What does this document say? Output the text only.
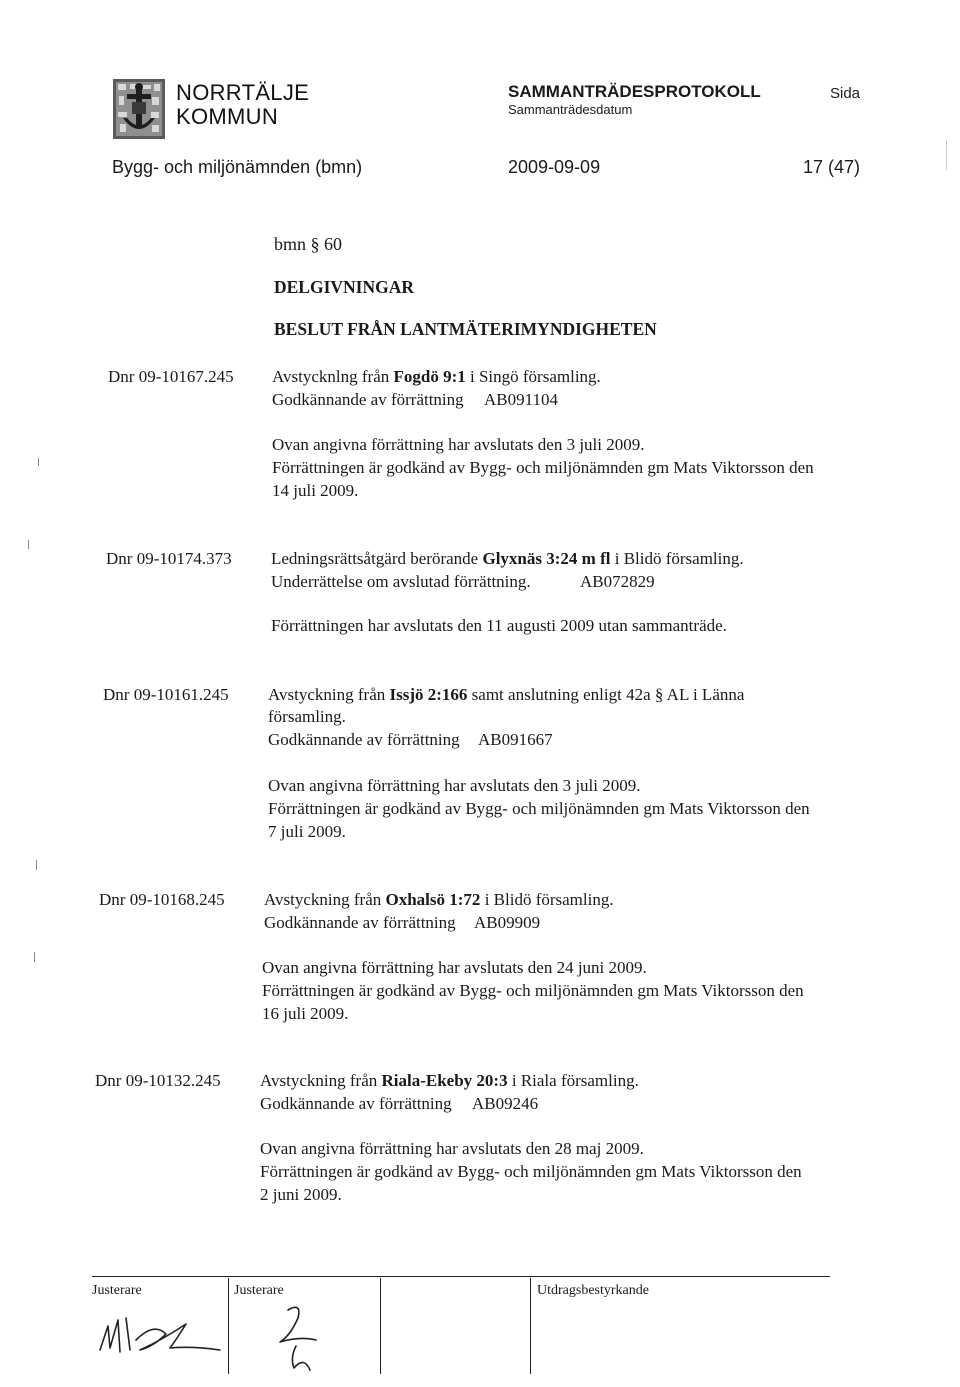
NORRTÄLJE
KOMMUN
SAMMANTRÄDESPROTOKOLL
Sammanträdesdatum
Sida
Bygg- och miljönämnden (bmn)	2009-09-09	17 (47)
bmn § 60
DELGIVNINGAR
BESLUT FRÅN LANTMÄTERIMYNDIGHETEN
Dnr 09-10167.245 Avstycknlng från Fogdö 9:1 i Singö församling.
Godkännande av förrättning AB091104
Ovan angivna förrättning har avslutats den 3 juli 2009.
Förrättningen är godkänd av Bygg- och miljönämnden gm Mats Viktorsson den
14 juli 2009.
Dnr 09-10174.373 Ledningsrättsåtgärd berörande Glyxnäs 3:24 m fl i Blidö församling.
Underrättelse om avslutad förrättning.	AB072829
Förrättningen har avslutats den 11 augusti 2009 utan sammanträde.
Dnr 09-10161.245 Avstyckning från Issjö 2:166 samt anslutning enligt 42a § AL i Länna
församling.
Godkännande av förrättning AB091667
Ovan angivna förrättning har avslutats den 3 juli 2009.
Förrättningen är godkänd av Bygg- och miljönämnden gm Mats Viktorsson den
7 juli 2009.
Dnr 09-10168.245 Avstyckning från Oxhalsö 1:72 i Blidö församling.
Godkännande av förrättning AB09909
Ovan angivna förrättning har avslutats den 24 juni 2009.
Förrättningen är godkänd av Bygg- och miljönämnden gm Mats Viktorsson den
16 juli 2009.
Dnr 09-10132.245 Avstyckning från Riala-Ekeby 20:3 i Riala församling.
Godkännande av förrättning AB09246
Ovan angivna förrättning har avslutats den 28 maj 2009.
Förrättningen är godkänd av Bygg- och miljönämnden gm Mats Viktorsson den
2 juni 2009.
Justerare	Justerare	Utdragsbestyrkande
